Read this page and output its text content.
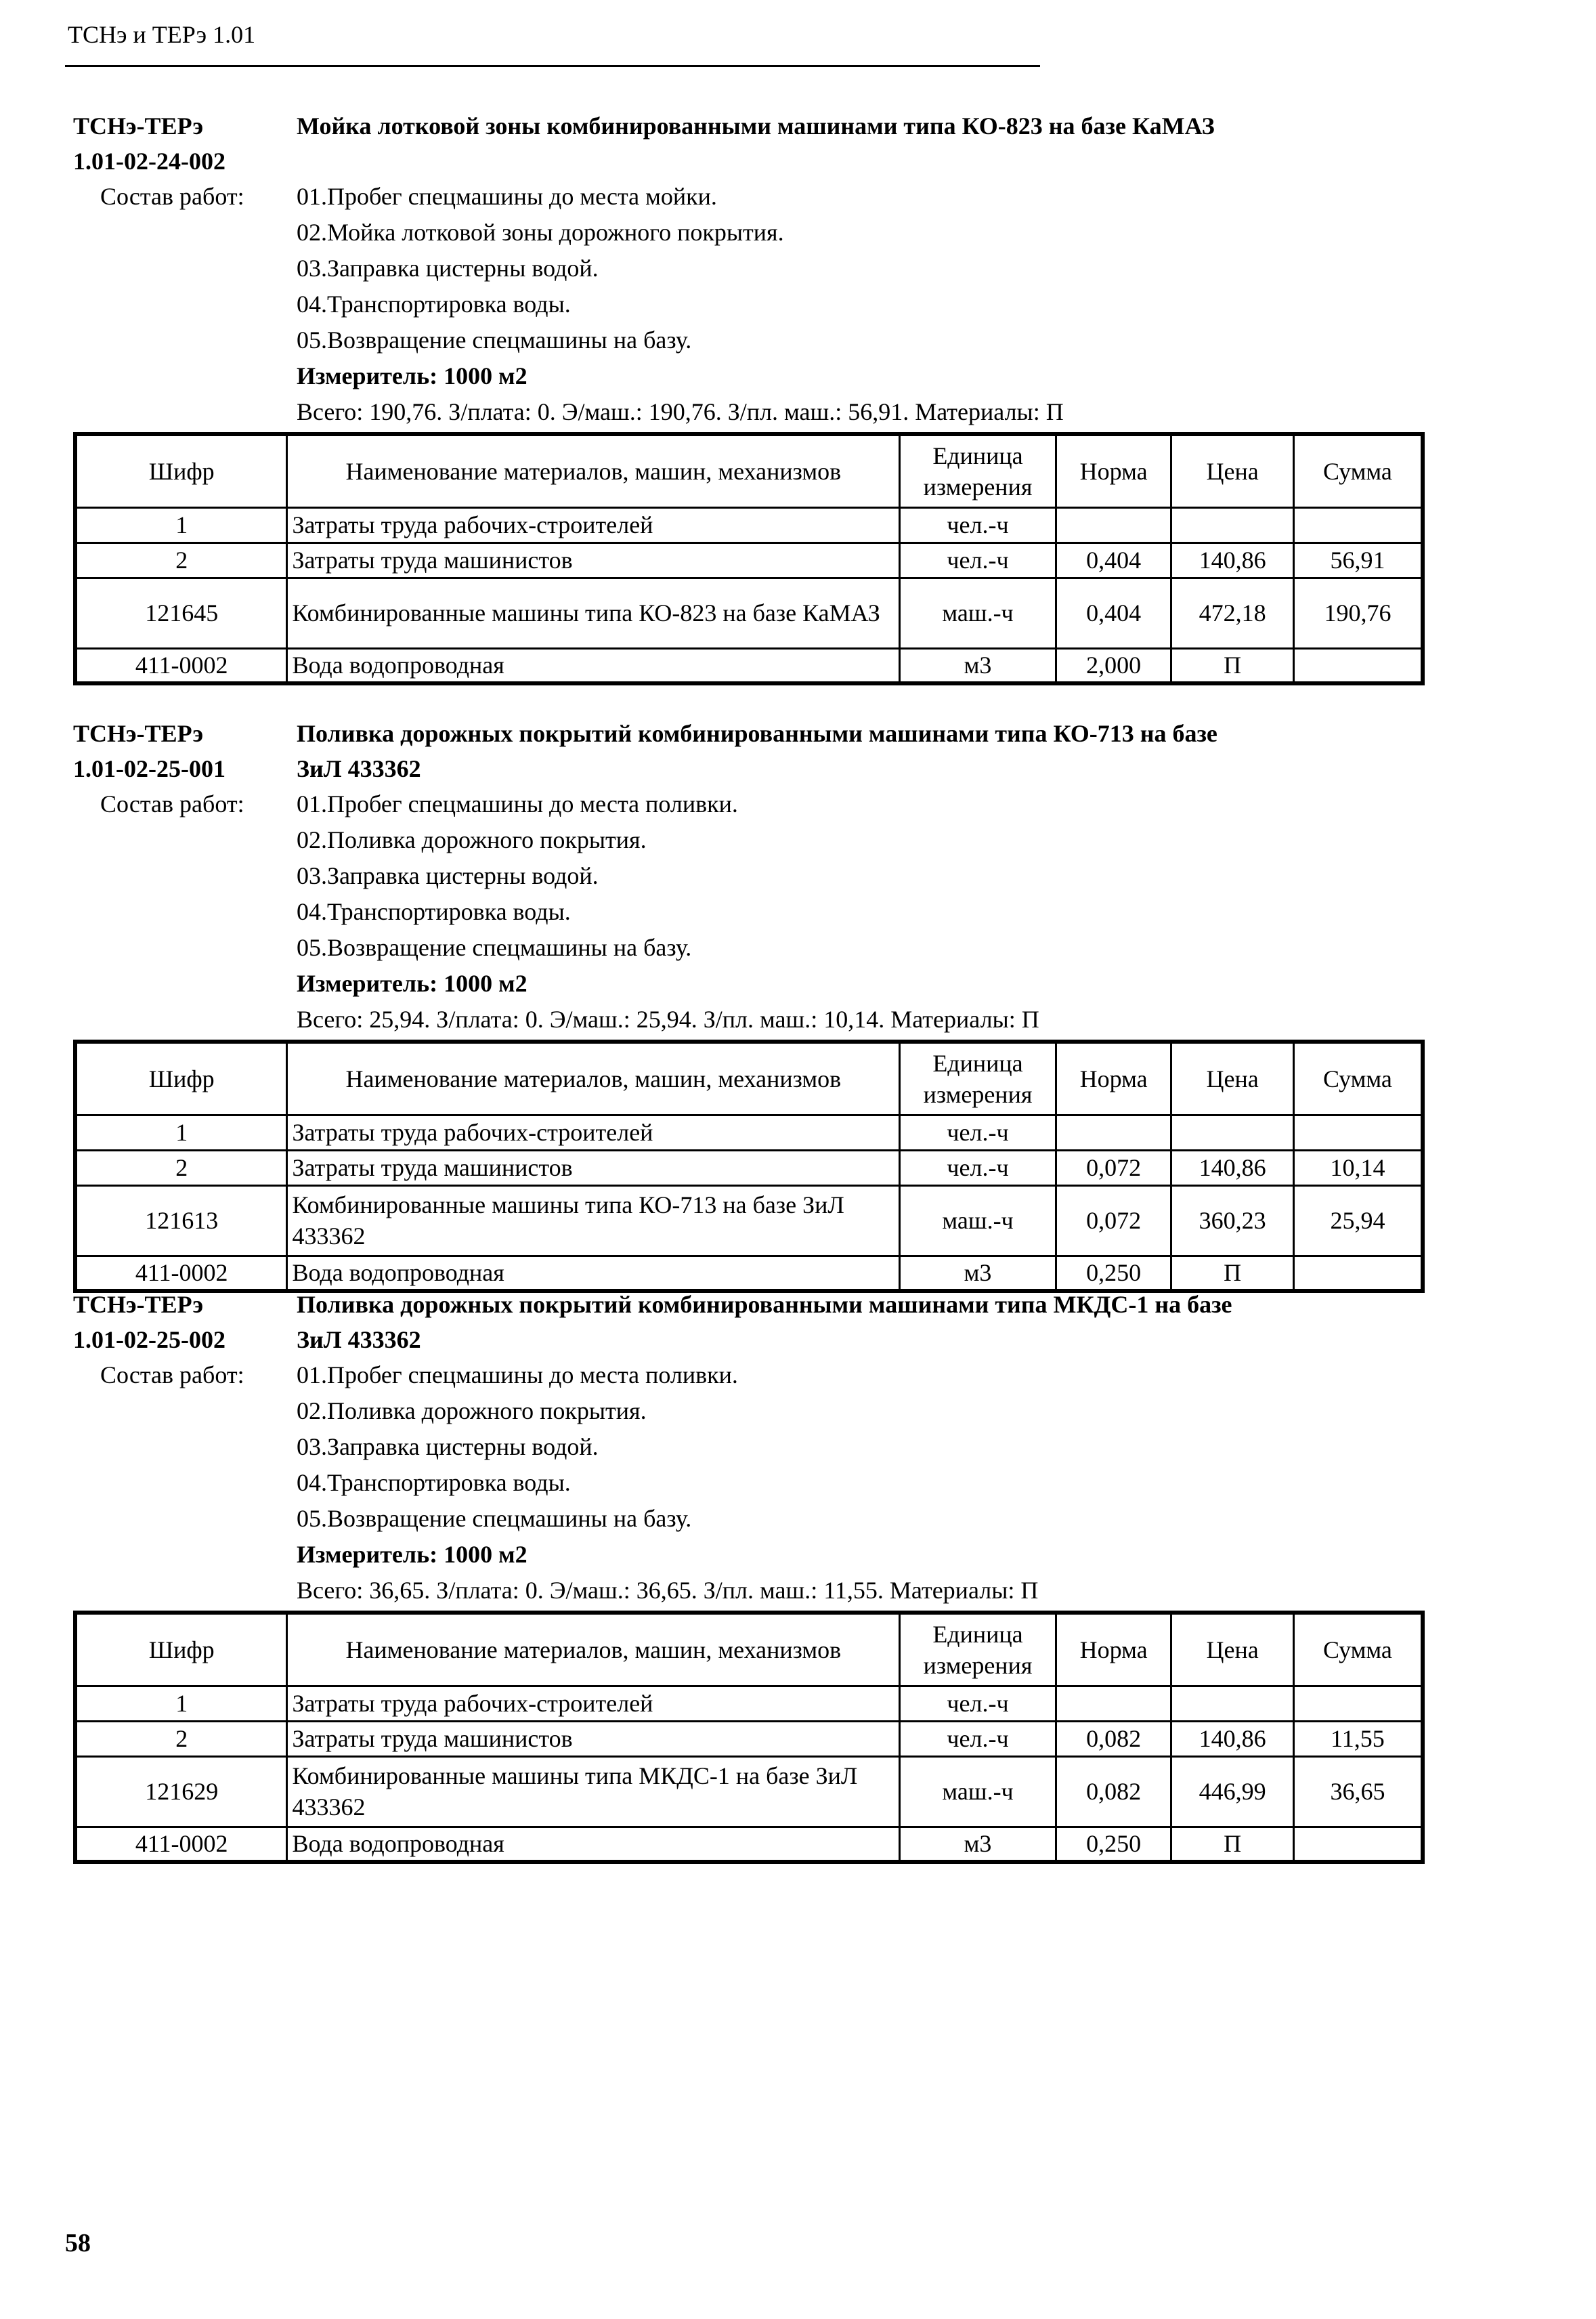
ТСНэ и ТЕРэ 1.01
ТСНэ-ТЕРэ
1.01-02-24-002
Мойка лотковой зоны комбинированными машинами типа КО-823 на базе КаМАЗ
Состав работ: 01.Пробег спецмашины до места мойки.
02.Мойка лотковой зоны дорожного покрытия.
03.Заправка цистерны водой.
04.Транспортировка воды.
05.Возвращение спецмашины на базу.
Измеритель: 1000 м2
Всего: 190,76. З/плата: 0. Э/маш.: 190,76. З/пл. маш.: 56,91. Материалы: П
Шифр	Наименование материалов, машин, механизмов	Единица измерения	Норма	Цена	Сумма
1	Затраты труда рабочих-строителей	чел.-ч			
2	Затраты труда машинистов	чел.-ч	0,404	140,86	56,91
121645	Комбинированные машины типа КО-823 на базе КаМАЗ	маш.-ч	0,404	472,18	190,76
411-0002	Вода водопроводная	м3	2,000	П	
ТСНэ-ТЕРэ
1.01-02-25-001
Поливка дорожных покрытий комбинированными машинами типа КО-713 на базе
ЗиЛ 433362
Состав работ: 01.Пробег спецмашины до места поливки.
02.Поливка дорожного покрытия.
03.Заправка цистерны водой.
04.Транспортировка воды.
05.Возвращение спецмашины на базу.
Измеритель: 1000 м2
Всего: 25,94. З/плата: 0. Э/маш.: 25,94. З/пл. маш.: 10,14. Материалы: П
Шифр	Наименование материалов, машин, механизмов	Единица измерения	Норма	Цена	Сумма
1	Затраты труда рабочих-строителей	чел.-ч			
2	Затраты труда машинистов	чел.-ч	0,072	140,86	10,14
121613	Комбинированные машины типа КО-713 на базе ЗиЛ 433362	маш.-ч	0,072	360,23	25,94
411-0002	Вода водопроводная	м3	0,250	П	
ТСНэ-ТЕРэ
1.01-02-25-002
Поливка дорожных покрытий комбинированными машинами типа МКДС-1 на базе
ЗиЛ 433362
Состав работ: 01.Пробег спецмашины до места поливки.
02.Поливка дорожного покрытия.
03.Заправка цистерны водой.
04.Транспортировка воды.
05.Возвращение спецмашины на базу.
Измеритель: 1000 м2
Всего: 36,65. З/плата: 0. Э/маш.: 36,65. З/пл. маш.: 11,55. Материалы: П
Шифр	Наименование материалов, машин, механизмов	Единица измерения	Норма	Цена	Сумма
1	Затраты труда рабочих-строителей	чел.-ч			
2	Затраты труда машинистов	чел.-ч	0,082	140,86	11,55
121629	Комбинированные машины типа МКДС-1 на базе ЗиЛ 433362	маш.-ч	0,082	446,99	36,65
411-0002	Вода водопроводная	м3	0,250	П	
58
